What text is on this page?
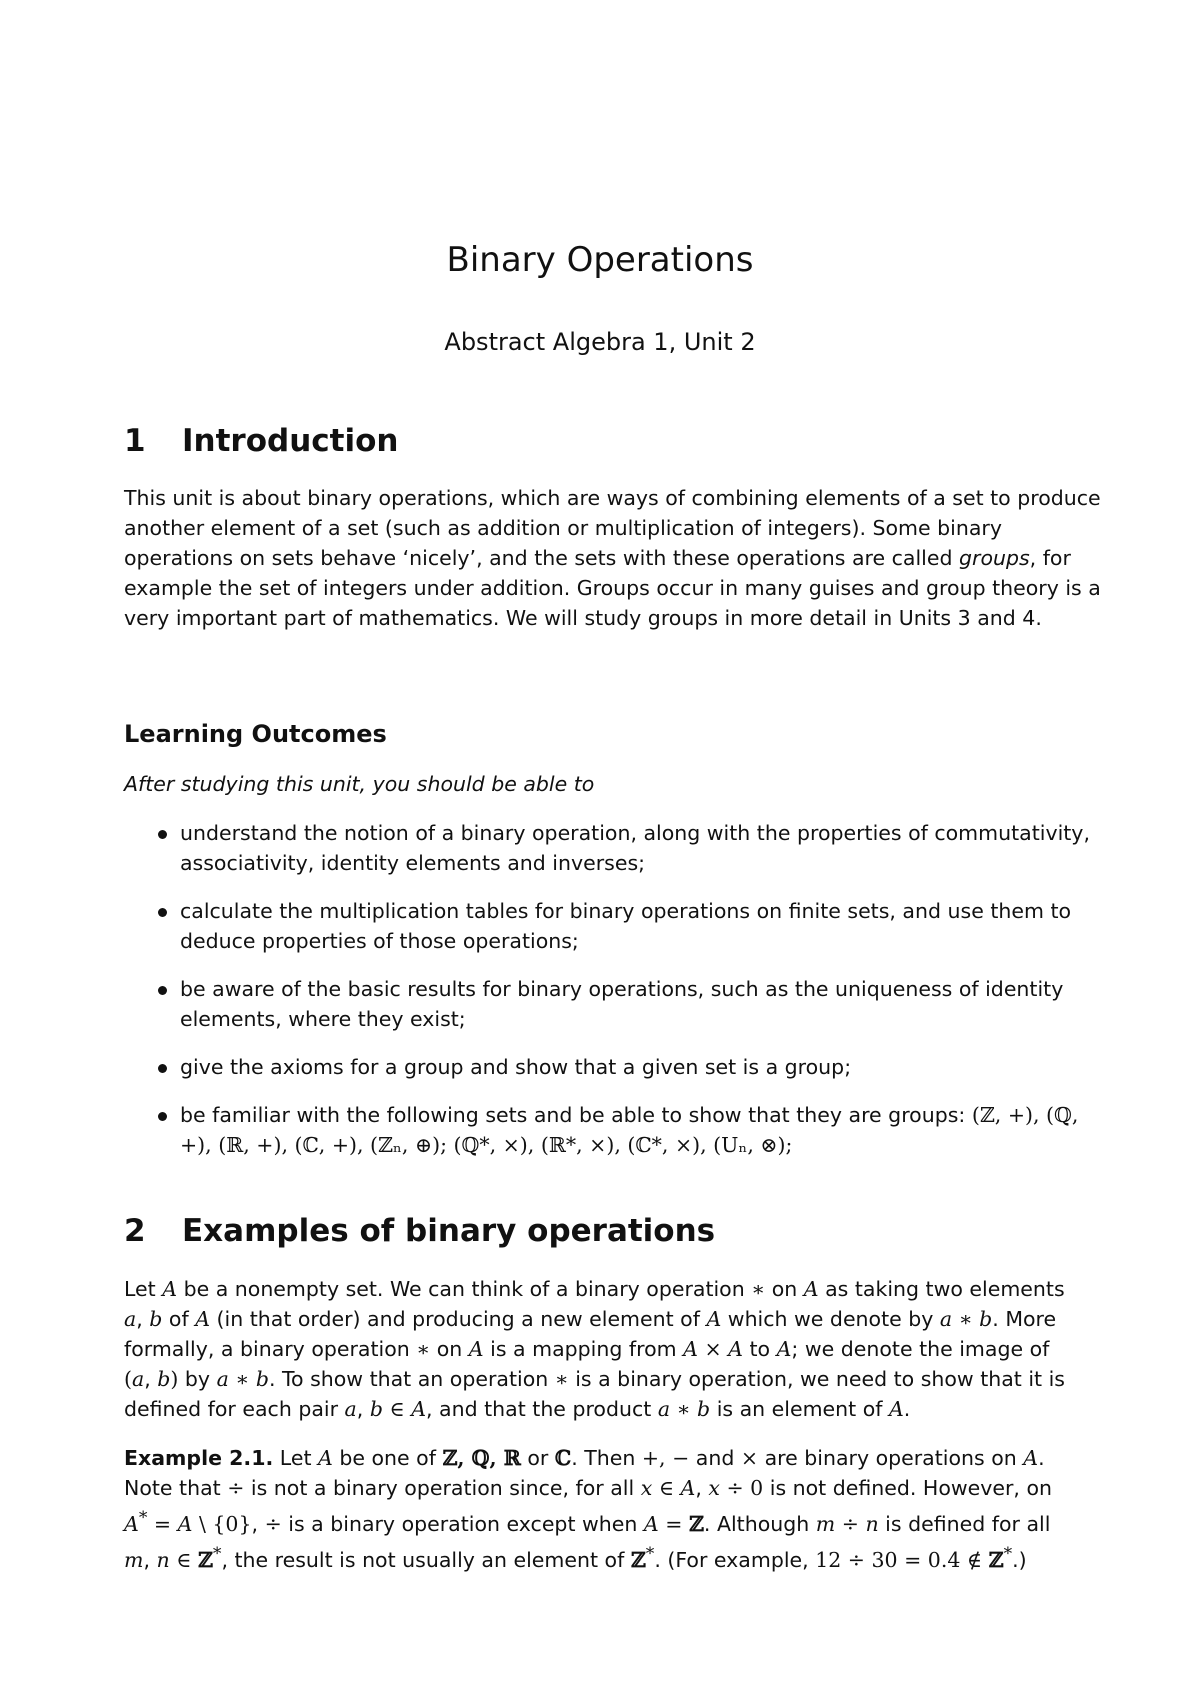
Binary Operations
Abstract Algebra 1, Unit 2
1 Introduction

This unit is about binary operations, which are ways of combining elements of a set to produce another element of a set (such as addition or multiplication of integers). Some binary operations on sets behave ‘nicely’, and the sets with these operations are called groups, for example the set of integers under addition. Groups occur in many guises and group theory is a very important part of mathematics. We will study groups in more detail in Units 3 and 4.

Learning Outcomes

After studying this unit, you should be able to

understand the notion of a binary operation, along with the properties of commutativity, associativity, identity elements and inverses;
calculate the multiplication tables for binary operations on finite sets, and use them to deduce properties of those operations;
be aware of the basic results for binary operations, such as the uniqueness of identity elements, where they exist;
give the axioms for a group and show that a given set is a group;
be familiar with the following sets and be able to show that they are groups: (ℤ, +), (ℚ, +), (ℝ, +), (ℂ, +), (ℤₙ, ⊕); (ℚ*, ×), (ℝ*, ×), (ℂ*, ×), (Uₙ, ⊗);
2 Examples of binary operations

Let A be a nonempty set. We can think of a binary operation ∗ on A as taking two elements
a, b of A (in that order) and producing a new element of A which we denote by a ∗ b. More
formally, a binary operation ∗ on A is a mapping from A × A to A; we denote the image of
(a, b) by a ∗ b. To show that an operation ∗ is a binary operation, we need to show that it is
defined for each pair a, b ∈ A, and that the product a ∗ b is an element of A.

Example 2.1. Let A be one of ℤ, ℚ, ℝ or ℂ. Then +, − and × are binary operations on A.
Note that ÷ is not a binary operation since, for all x ∈ A, x ÷ 0 is not defined. However, on
A* = A \ {0}, ÷ is a binary operation except when A = ℤ. Although m ÷ n is defined for all
m, n ∈ ℤ*, the result is not usually an element of ℤ*. (For example, 12 ÷ 30 = 0.4 ∉ ℤ*.)
